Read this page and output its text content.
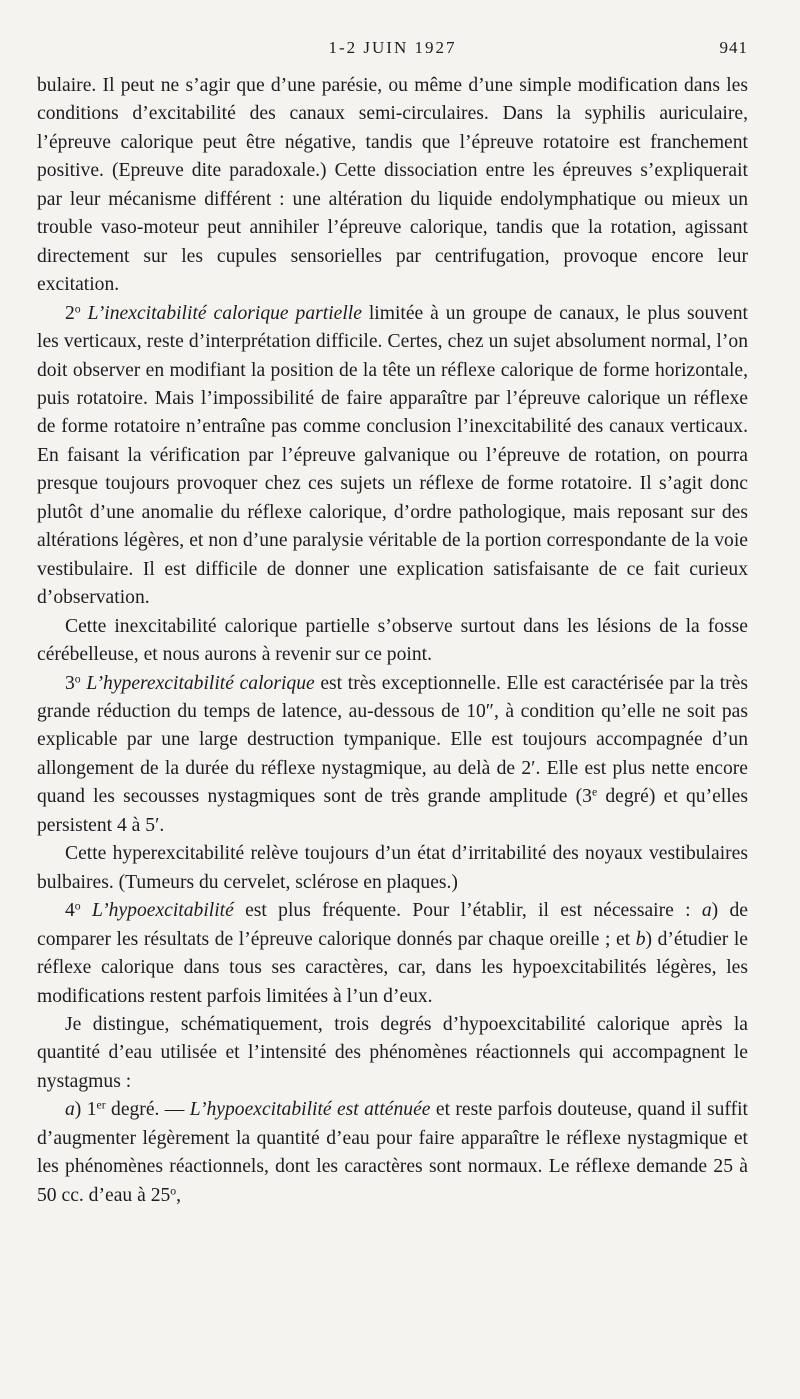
1-2 JUIN 1927	941

bulaire. Il peut ne s’agir que d’une parésie, ou même d’une simple modification dans les conditions d’excitabilité des canaux semi-circulaires. Dans la syphilis auriculaire, l’épreuve calorique peut être négative, tandis que l’épreuve rotatoire est franchement positive. (Epreuve dite paradoxale.) Cette dissociation entre les épreuves s’expliquerait par leur mécanisme différent : une altération du liquide endolymphatique ou mieux un trouble vaso-moteur peut annihiler l’épreuve calorique, tandis que la rotation, agissant directement sur les cupules sensorielles par centrifugation, provoque encore leur excitation.

2$^o$ L’inexcitabilité calorique partielle limitée à un groupe de canaux, le plus souvent les verticaux, reste d’interprétation difficile. Certes, chez un sujet absolument normal, l’on doit observer en modifiant la position de la tête un réflexe calorique de forme horizontale, puis rotatoire. Mais l’impossibilité de faire apparaître par l’épreuve calorique un réflexe de forme rotatoire n’entraîne pas comme conclusion l’inexcitabilité des canaux verticaux. En faisant la vérification par l’épreuve galvanique ou l’épreuve de rotation, on pourra presque toujours provoquer chez ces sujets un réflexe de forme rotatoire. Il s’agit donc plutôt d’une anomalie du réflexe calorique, d’ordre pathologique, mais reposant sur des altérations légères, et non d’une paralysie véritable de la portion correspondante de la voie vestibulaire. Il est difficile de donner une explication satisfaisante de ce fait curieux d’observation.

Cette inexcitabilité calorique partielle s’observe surtout dans les lésions de la fosse cérébelleuse, et nous aurons à revenir sur ce point.

3$^o$ L’hyperexcitabilité calorique est très exceptionnelle. Elle est caractérisée par la très grande réduction du temps de latence, au-dessous de 10″, à condition qu’elle ne soit pas explicable par une large destruction tympanique. Elle est toujours accompagnée d’un allongement de la durée du réflexe nystagmique, au delà de 2′. Elle est plus nette encore quand les secousses nystagmiques sont de très grande amplitude (3e degré) et qu’elles persistent 4 à 5′.

Cette hyperexcitabilité relève toujours d’un état d’irritabilité des noyaux vestibulaires bulbaires. (Tumeurs du cervelet, sclérose en plaques.)

4$^o$ L’hypoexcitabilité est plus fréquente. Pour l’établir, il est nécessaire : a) de comparer les résultats de l’épreuve calorique donnés par chaque oreille ; et b) d’étudier le réflexe calorique dans tous ses caractères, car, dans les hypoexcitabilités légères, les modifications restent parfois limitées à l’un d’eux.

Je distingue, schématiquement, trois degrés d’hypoexcitabilité calorique après la quantité d’eau utilisée et l’intensité des phénomènes réactionnels qui accompagnent le nystagmus :

a) 1er degré. — L’hypoexcitabilité est atténuée et reste parfois douteuse, quand il suffit d’augmenter légèrement la quantité d’eau pour faire apparaître le réflexe nystagmique et les phénomènes réactionnels, dont les caractères sont normaux. Le réflexe demande 25 à 50 cc. d’eau à 25$^o$,
